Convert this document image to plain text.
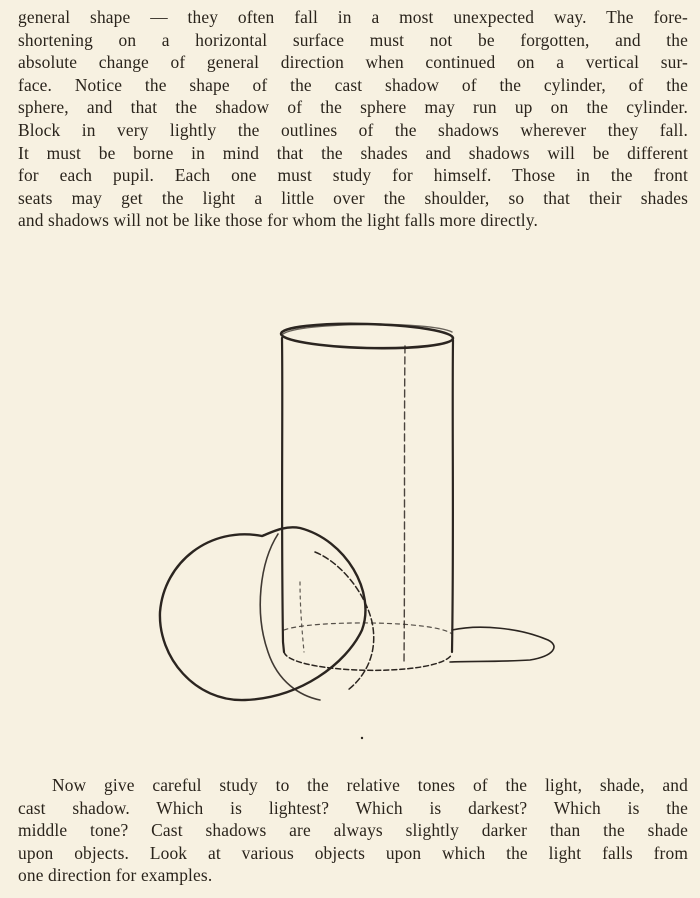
general shape — they often fall in a most unexpected way. The fore-
shortening on a horizontal surface must not be forgotten, and the
absolute change of general direction when continued on a vertical sur-
face. Notice the shape of the cast shadow of the cylinder, of the
sphere, and that the shadow of the sphere may run up on the cylinder.
Block in very lightly the outlines of the shadows wherever they fall.
It must be borne in mind that the shades and shadows will be different
for each pupil. Each one must study for himself. Those in the front
seats may get the light a little over the shoulder, so that their shades
and shadows will not be like those for whom the light falls more directly.
Now give careful study to the relative tones of the light, shade, and
cast shadow. Which is lightest? Which is darkest? Which is the
middle tone? Cast shadows are always slightly darker than the shade
upon objects. Look at various objects upon which the light falls from
one direction for examples.
